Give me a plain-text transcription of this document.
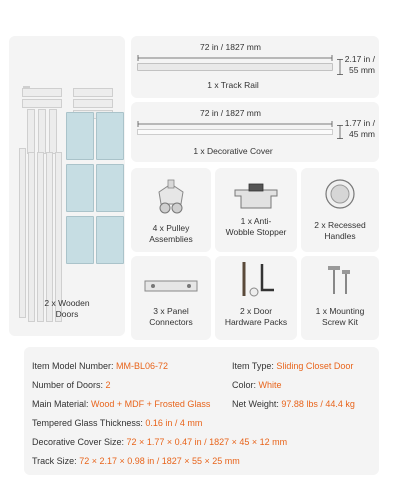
2 x Wooden
Doors
72 in / 1827 mm
2.17 in /
55 mm
1 x Track Rail
72 in / 1827 mm
1.77 in /
45 mm
1 x Decorative Cover
4 x Pulley
Assemblies
1 x Anti-
Wobble Stopper
2 x Recessed
Handles
3 x Panel
Connectors
2 x Door
Hardware Packs
1 x Mounting
Screw Kit
Item Model Number: MM-BL06-72	Item Type: Sliding Closet Door
Number of Doors: 2	Color: White
Main Material: Wood + MDF + Frosted Glass Net Weight: 97.88 lbs / 44.4 kg
Tempered Glass Thickness: 0.16 in / 4 mm
Decorative Cover Size: 72 × 1.77 × 0.47 in / 1827 × 45 × 12 mm
Track Size: 72 × 2.17 × 0.98 in / 1827 × 55 × 25 mm
